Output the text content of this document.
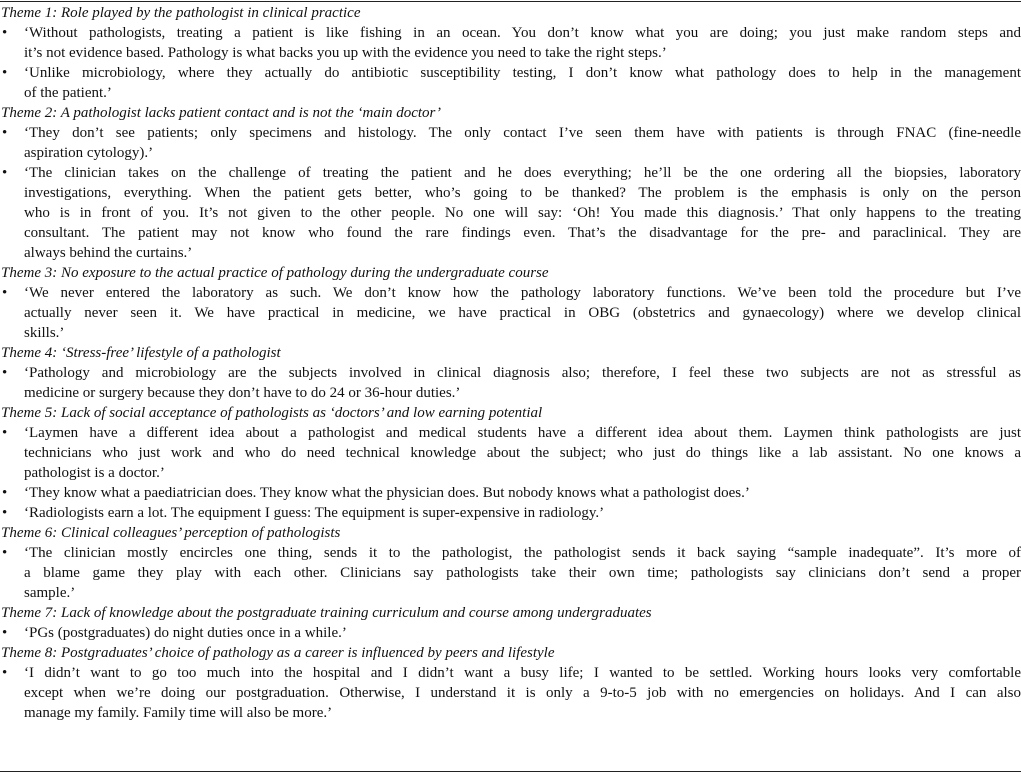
Theme 1: Role played by the pathologist in clinical practice
• ‘Without pathologists, treating a patient is like fishing in an ocean. You don’t know what you are doing; you just make random steps and
it’s not evidence based. Pathology is what backs you up with the evidence you need to take the right steps.’
• ‘Unlike microbiology, where they actually do antibiotic susceptibility testing, I don’t know what pathology does to help in the management
of the patient.’
Theme 2: A pathologist lacks patient contact and is not the ‘main doctor’
• ‘They don’t see patients; only specimens and histology. The only contact I’ve seen them have with patients is through FNAC (fine-needle
aspiration cytology).’
• ‘The clinician takes on the challenge of treating the patient and he does everything; he’ll be the one ordering all the biopsies, laboratory
investigations, everything. When the patient gets better, who’s going to be thanked? The problem is the emphasis is only on the person
who is in front of you. It’s not given to the other people. No one will say: ‘Oh! You made this diagnosis.’ That only happens to the treating
consultant. The patient may not know who found the rare findings even. That’s the disadvantage for the pre- and paraclinical. They are
always behind the curtains.’
Theme 3: No exposure to the actual practice of pathology during the undergraduate course
• ‘We never entered the laboratory as such. We don’t know how the pathology laboratory functions. We’ve been told the procedure but I’ve
actually never seen it. We have practical in medicine, we have practical in OBG (obstetrics and gynaecology) where we develop clinical
skills.’
Theme 4: ‘Stress-free’ lifestyle of a pathologist
• ‘Pathology and microbiology are the subjects involved in clinical diagnosis also; therefore, I feel these two subjects are not as stressful as
medicine or surgery because they don’t have to do 24 or 36-hour duties.’
Theme 5: Lack of social acceptance of pathologists as ‘doctors’ and low earning potential
• ‘Laymen have a different idea about a pathologist and medical students have a different idea about them. Laymen think pathologists are just
technicians who just work and who do need technical knowledge about the subject; who just do things like a lab assistant. No one knows a
pathologist is a doctor.’
• ‘They know what a paediatrician does. They know what the physician does. But nobody knows what a pathologist does.’
• ‘Radiologists earn a lot. The equipment I guess: The equipment is super-expensive in radiology.’
Theme 6: Clinical colleagues’ perception of pathologists
• ‘The clinician mostly encircles one thing, sends it to the pathologist, the pathologist sends it back saying “sample inadequate”. It’s more of
a blame game they play with each other. Clinicians say pathologists take their own time; pathologists say clinicians don’t send a proper
sample.’
Theme 7: Lack of knowledge about the postgraduate training curriculum and course among undergraduates
• ‘PGs (postgraduates) do night duties once in a while.’
Theme 8: Postgraduates’ choice of pathology as a career is influenced by peers and lifestyle
• ‘I didn’t want to go too much into the hospital and I didn’t want a busy life; I wanted to be settled. Working hours looks very comfortable
except when we’re doing our postgraduation. Otherwise, I understand it is only a 9-to-5 job with no emergencies on holidays. And I can also
manage my family. Family time will also be more.’
